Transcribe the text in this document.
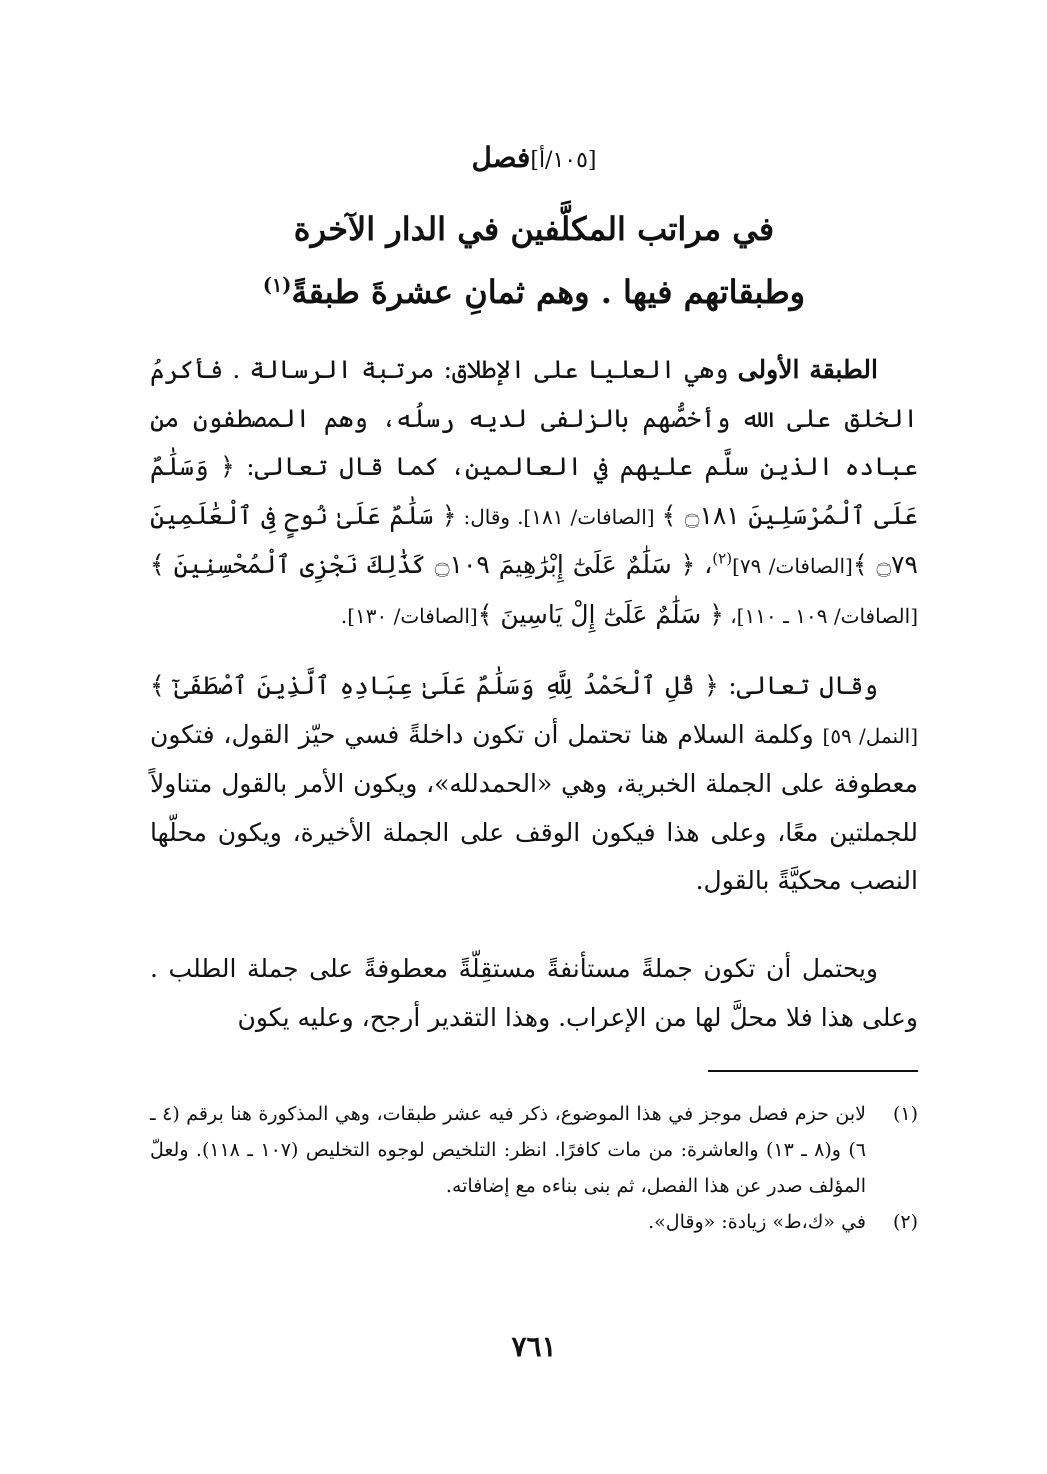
[١٠٥/أ]فصل
في مراتب المكلَّفين في الدار الآخرة
وطبقاتهم فيها . وهم ثمانِ عشرةَ طبقةً$^{(١)}$
الطبقة الأولى وهي العليا على الإطلاق: مرتبة الرسالة . فأكرمُ الخلق على الله وأخصُّهم بالزلفى لديه رسلُه، وهم المصطفون من عباده الذين سلَّم عليهم في العالمين، كما قال تعالى: ﴿ وَسَلَٰمٌ عَلَى ٱلْمُرْسَلِينَ ۝١٨١ ﴾ [الصافات/ ١٨١]. وقال: ﴿ سَلَٰمٌ عَلَىٰ نُوحٍ فِى ٱلْعَٰلَمِينَ ۝٧٩ ﴾[الصافات/ ٧٩]$^{(٢)}$، ﴿ سَلَٰمٌ عَلَىٰٓ إِبْرَٰهِيمَ ۝١٠٩ كَذَٰلِكَ نَجْزِى ٱلْمُحْسِنِينَ ﴾[الصافات/ ١٠٩ ـ ١١٠]، ﴿ سَلَٰمٌ عَلَىٰٓ إِلْ يَاسِينَ ﴾[الصافات/ ١٣٠].
وقال تعالى: ﴿ قُلِ ٱلْحَمْدُ لِلَّهِ وَسَلَٰمٌ عَلَىٰ عِبَادِهِ ٱلَّذِينَ ٱصْطَفَىٰٓ ﴾[النمل/ ٥٩] وكلمة السلام هنا تحتمل أن تكون داخلةً فسي حيّز القول، فتكون معطوفة على الجملة الخبرية، وهي «الحمدلله»، ويكون الأمر بالقول متناولاً للجملتين معًا، وعلى هذا فيكون الوقف على الجملة الأخيرة، ويكون محلّها النصب محكيَّةً بالقول.
ويحتمل أن تكون جملةً مستأنفةً مستقِلّةً معطوفةً على جملة الطلب . وعلى هذا فلا محلَّ لها من الإعراب. وهذا التقدير أرجح، وعليه يكون
(١)
لابن حزم فصل موجز في هذا الموضوع، ذكر فيه عشر طبقات، وهي المذكورة هنا برقم (٤ ـ ٦) و(٨ ـ ١٣) والعاشرة: من مات كافرًا. انظر: التلخيص لوجوه التخليص (١٠٧ ـ ١١٨). ولعلّ المؤلف صدر عن هذا الفصل، ثم بنى بناءه مع إضافاته.
(٢)
في «ك،ط» زيادة: «وقال».
٧٦١
